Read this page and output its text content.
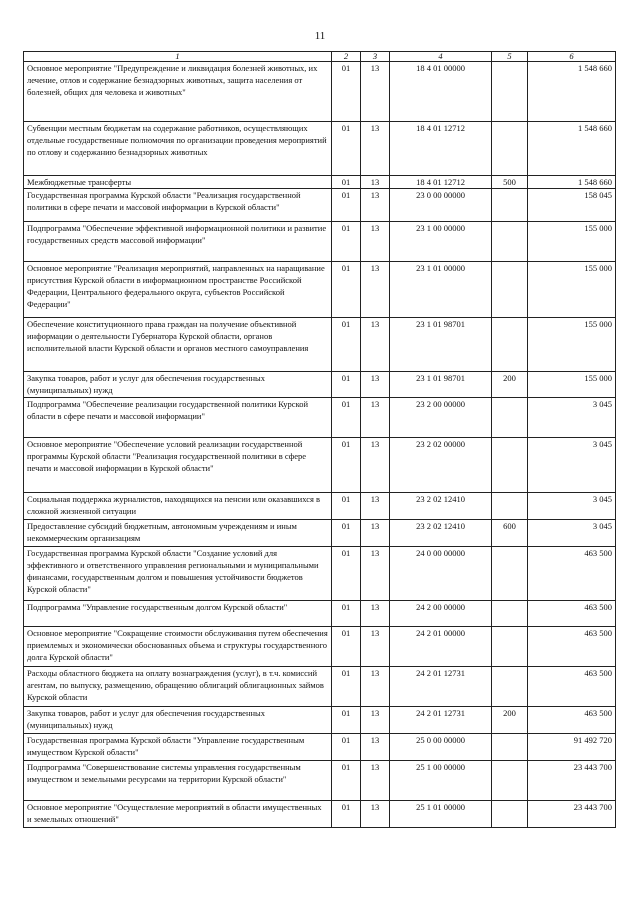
11
1	2	3	4	5	6
Основное мероприятие "Предупреждение и ликвидация болезней животных, их лечение, отлов и содержание безнадзорных животных, защита населения от болезней, общих для человека и животных"	01	13	18 4 01 00000		1 548 660
Субвенции местным бюджетам на содержание работников, осуществляющих отдельные государственные полномочия по организации проведения мероприятий по отлову и содержанию безнадзорных животных	01	13	18 4 01 12712		1 548 660
Межбюджетные трансферты	01	13	18 4 01 12712	500	1 548 660
Государственная программа Курской области "Реализация государственной политики в сфере печати и массовой информации в Курской области"	01	13	23 0 00 00000		158 045
Подпрограмма "Обеспечение эффективной информационной политики и развитие государственных средств массовой информации"	01	13	23 1 00 00000		155 000
Основное мероприятие "Реализация мероприятий, направленных на наращивание присутствия Курской области в информационном пространстве Российской Федерации, Центрального федерального округа, субъектов Российской Федерации"	01	13	23 1 01 00000		155 000
Обеспечение конституционного права граждан на получение объективной информации о деятельности Губернатора Курской области, органов исполнительной власти Курской области и органов местного самоуправления	01	13	23 1 01 98701		155 000
Закупка товаров, работ и услуг для обеспечения государственных (муниципальных) нужд	01	13	23 1 01 98701	200	155 000
Подпрограмма "Обеспечение реализации государственной политики Курской области в сфере печати и массовой информации"	01	13	23 2 00 00000		3 045
Основное мероприятие "Обеспечение условий реализации государственной программы Курской области "Реализация государственной политики в сфере печати и массовой информации в Курской области"	01	13	23 2 02 00000		3 045
Социальная поддержка журналистов, находящихся на пенсии или оказавшихся в сложной жизненной ситуации	01	13	23 2 02 12410		3 045
Предоставление субсидий бюджетным, автономным учреждениям и иным некоммерческим организациям	01	13	23 2 02 12410	600	3 045
Государственная программа Курской области "Создание условий для эффективного и ответственного управления региональными и муниципальными финансами, государственным долгом и повышения устойчивости бюджетов Курской области"	01	13	24 0 00 00000		463 500
Подпрограмма "Управление государственным долгом Курской области"	01	13	24 2 00 00000		463 500
Основное мероприятие "Сокращение стоимости обслуживания путем обеспечения приемлемых и экономически обоснованных объема и структуры государственного долга Курской области"	01	13	24 2 01 00000		463 500
Расходы областного бюджета на оплату вознаграждения (услуг), в т.ч. комиссий агентам, по выпуску, размещению, обращению облигаций облигационных займов Курской области	01	13	24 2 01 12731		463 500
Закупка товаров, работ и услуг для обеспечения государственных (муниципальных) нужд	01	13	24 2 01 12731	200	463 500
Государственная программа Курской области "Управление государственным имуществом Курской области"	01	13	25 0 00 00000		91 492 720
Подпрограмма "Совершенствование системы управления государственным имуществом и земельными ресурсами на территории Курской области"	01	13	25 1 00 00000		23 443 700
Основное мероприятие "Осуществление мероприятий в области имущественных и земельных отношений"	01	13	25 1 01 00000		23 443 700
